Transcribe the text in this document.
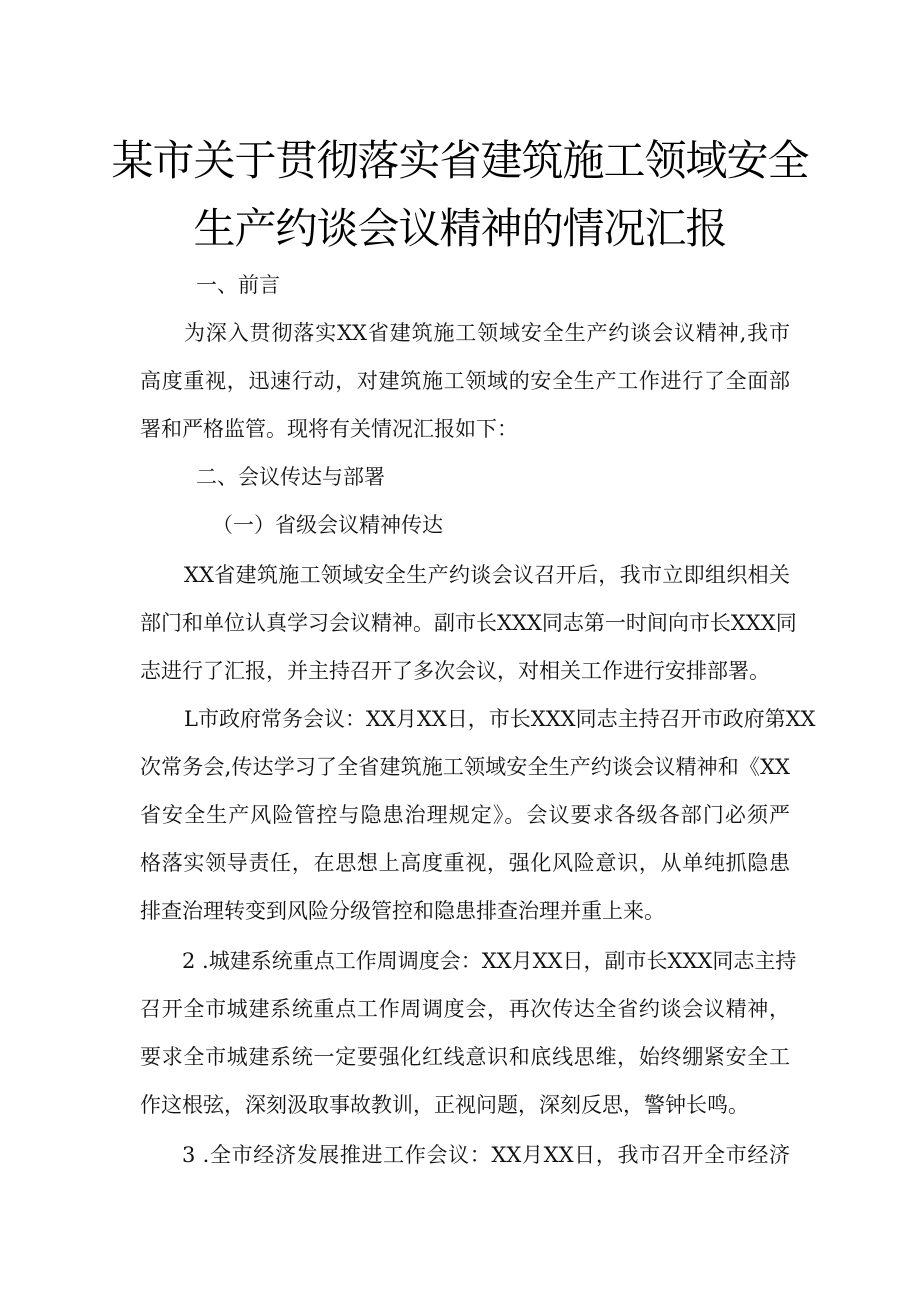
某市关于贯彻落实省建筑施工领域安全
生产约谈会议精神的情况汇报
一、前言
为深入贯彻落实XX省建筑施工领域安全生产约谈会议精神,我市
高度重视，迅速行动，对建筑施工领域的安全生产工作进行了全面部
署和严格监管。现将有关情况汇报如下：
二、会议传达与部署
（一）省级会议精神传达
XX省建筑施工领域安全生产约谈会议召开后，我市立即组织相关
部门和单位认真学习会议精神。副市长XXX同志第一时间向市长XXX同
志进行了汇报，并主持召开了多次会议，对相关工作进行安排部署。
L市政府常务会议：XX月XX日，市长XXX同志主持召开市政府第XX
次常务会,传达学习了全省建筑施工领域安全生产约谈会议精神和《XX
省安全生产风险管控与隐患治理规定》。会议要求各级各部门必须严
格落实领导责任，在思想上高度重视，强化风险意识，从单纯抓隐患
排查治理转变到风险分级管控和隐患排查治理并重上来。
2 .城建系统重点工作周调度会：XX月XX日，副市长XXX同志主持
召开全市城建系统重点工作周调度会，再次传达全省约谈会议精神，
要求全市城建系统一定要强化红线意识和底线思维，始终绷紧安全工
作这根弦，深刻汲取事故教训，正视问题，深刻反思，警钟长鸣。
3 .全市经济发展推进工作会议：XX月XX日，我市召开全市经济
